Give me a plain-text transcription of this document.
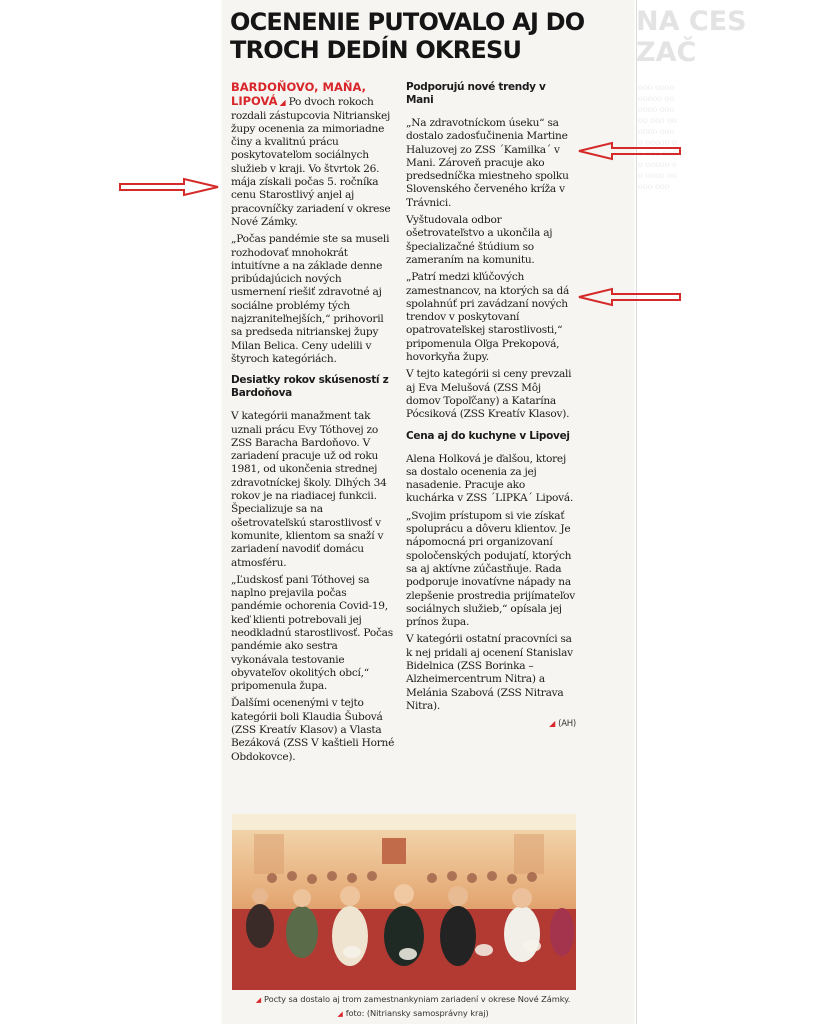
NA CES
ZAČ
ooo oooo ooooo oo oooo ooooo ooo oooooo oooo ooooo oo ooo oooo ooooo oo oooo ooooo ooo
OCENENIE PUTOVALO AJ DO TROCH DEDÍN OKRESU

BARDOŇOVO, MAŇA, LIPOVÁ ◢ Po dvoch rokoch rozdali zástupcovia Nitrianskej župy ocenenia za mimoriadne činy a kvalitnú prácu poskytovateľom sociálnych služieb v kraji. Vo štvrtok 26. mája získali počas 5. ročníka cenu Starostlivý anjel aj pracovníčky zariadení v okrese Nové Zámky.

„Počas pandémie ste sa museli rozhodovať mnohokrát intuitívne a na základe denne pribúdajúcich nových usmernení riešiť zdravotné aj sociálne problémy tých najzraniteľnejších,“ prihovoril sa predseda nitrianskej župy Milan Belica. Ceny udelili v štyroch kategóriách.

Desiatky rokov skúseností z Bardoňova

V kategórii manažment tak uznali prácu Evy Tóthovej zo ZSS Baracha Bardoňovo. V zariadení pracuje už od roku 1981, od ukončenia strednej zdravotníckej školy. Dlhých 34 rokov je na riadiacej funkcii. Špecializuje sa na ošetrovateľskú starostlivosť v komunite, klientom sa snaží v zariadení navodiť domácu atmosféru.

„Ľudskosť pani Tóthovej sa naplno prejavila počas pandémie ochorenia Covid-19, keď klienti potrebovali jej neodkladnú starostlivosť. Počas pandémie ako sestra vykonávala testovanie obyvateľov okolitých obcí,“ pripomenula župa.

Ďalšími ocenenými v tejto kategórii boli Klaudia Šubová (ZSS Kreatív Klasov) a Vlasta Bezáková (ZSS V kaštieli Horné Obdokovce).

Podporujú nové trendy v Mani

„Na zdravotníckom úseku“ sa dostalo zadosťučinenia Martine Haluzovej zo ZSS ´Kamilka´ v Mani. Zároveň pracuje ako predsedníčka miestneho spolku Slovenského červeného kríža v Trávnici.

Vyštudovala odbor ošetrovateľstvo a ukončila aj špecializačné štúdium so zameraním na komunitu.

„Patrí medzi kľúčových zamestnancov, na ktorých sa dá spolahnúť pri zavádzaní nových trendov v poskytovaní opatrovateľskej starostlivosti,“ pripomenula Oľga Prekopová, hovorkyňa župy.

V tejto kategórii si ceny prevzali aj Eva Melušová (ZSS Môj domov Topoľčany) a Katarína Pócsiková (ZSS Kreatív Klasov).

Cena aj do kuchyne v Lipovej

Alena Holková je ďalšou, ktorej sa dostalo ocenenia za jej nasadenie. Pracuje ako kuchárka v ZSS ´LIPKA´ Lipová.

„Svojim prístupom si vie získať spoluprácu a dôveru klientov. Je nápomocná pri organizovaní spoločenských podujatí, ktorých sa aj aktívne zúčastňuje. Rada podporuje inovatívne nápady na zlepšenie prostredia prijímateľov sociálnych služieb,“ opísala jej prínos župa.

V kategórii ostatní pracovníci sa k nej pridali aj ocenení Stanislav Bidelnica (ZSS Borinka – Alzheimercentrum Nitra) a Melánia Szabová (ZSS Nitrava Nitra).

◢ (AH)
◢ Pocty sa dostalo aj trom zamestnankyniam zariadení v okrese Nové Zámky. ◢ foto: (Nitriansky samosprávny kraj)
